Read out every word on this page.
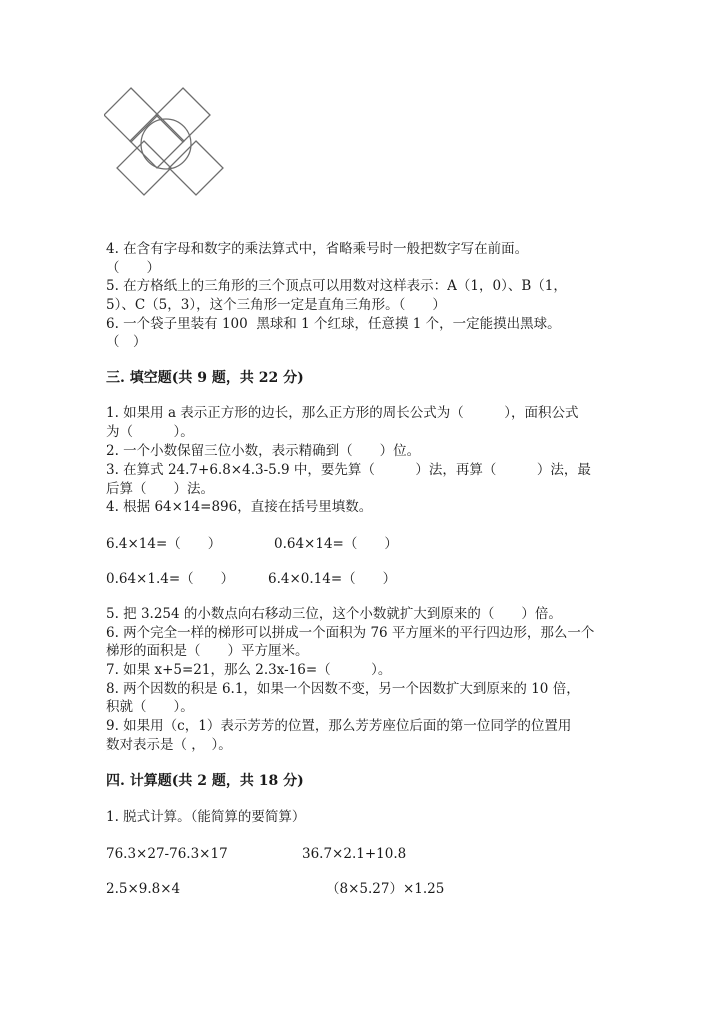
4. 在含有字母和数字的乘法算式中，省略乘号时一般把数字写在前面。
（　　）
5. 在方格纸上的三角形的三个顶点可以用数对这样表示：A（1，0）、B（1，
5）、C（5，3），这个三角形一定是直角三角形。（　　）
6. 一个袋子里装有 100  黑球和 1 个红球，任意摸 1 个，一定能摸出黑球。
（　）
三. 填空题(共 9 题，共 22 分)
1. 如果用 a 表示正方形的边长，那么正方形的周长公式为（　　　），面积公式
为（　　　）。
2. 一个小数保留三位小数，表示精确到（　　）位。
3. 在算式 24.7+6.8×4.3-5.9 中，要先算（　　　）法，再算（　　　）法，最
后算（　　）法。
4. 根据 64×14=896，直接在括号里填数。
6.4×14=（　　）	0.64×14=（　　）
0.64×1.4=（　　）	6.4×0.14=（　　）
5. 把 3.254 的小数点向右移动三位，这个小数就扩大到原来的（　　）倍。
6. 两个完全一样的梯形可以拼成一个面积为 76 平方厘米的平行四边形，那么一个
梯形的面积是（　　）平方厘米。
7. 如果 x+5=21，那么 2.3x-16=（　　　）。
8. 两个因数的积是 6.1，如果一个因数不变，另一个因数扩大到原来的 10 倍，
积就（　　）。
9. 如果用（c，1）表示芳芳的位置，那么芳芳座位后面的第一位同学的位置用
数对表示是（ ，　）。
四. 计算题(共 2 题，共 18 分)
1. 脱式计算。（能简算的要简算）
76.3×27-76.3×17	36.7×2.1+10.8
2.5×9.8×4	（8×5.27）×1.25
